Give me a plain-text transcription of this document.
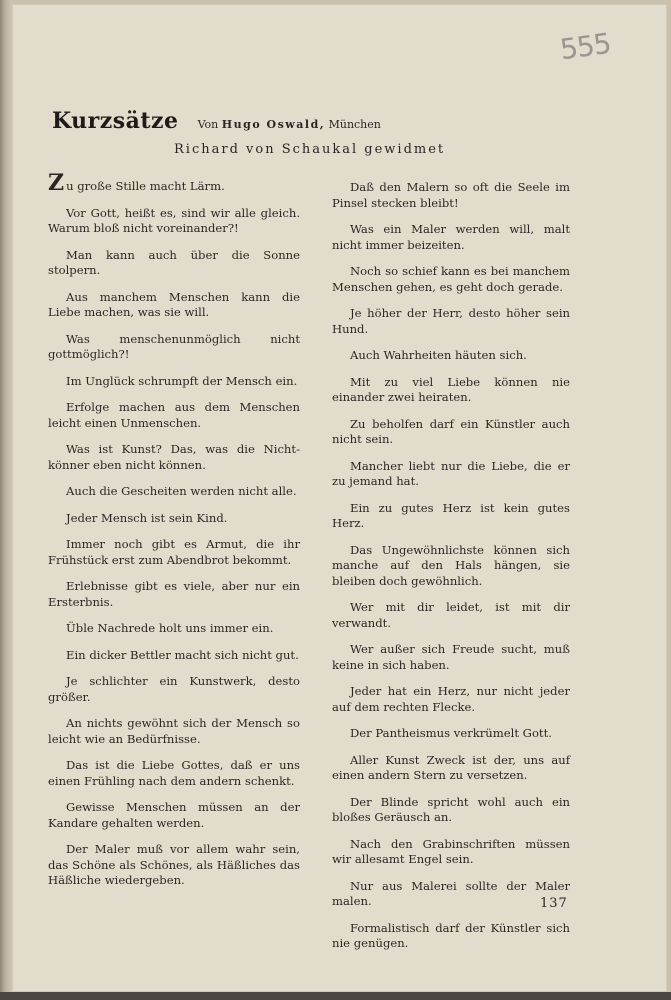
555
Kurzsätze Von Hugo Oswald, München
Richard von Schaukal gewidmet

Zu große Stille macht Lärm.

Vor Gott, heißt es, sind wir alle gleich. Warum bloß nicht voreinander?!

Man kann auch über die Sonne stolpern.

Aus manchem Menschen kann die Liebe machen, was sie will.

Was menschenunmöglich nicht gottmöglich?!

Im Unglück schrumpft der Mensch ein.

Erfolge machen aus dem Menschen leicht einen Unmenschen.

Was ist Kunst? Das, was die Nichtkönner eben nicht können.

Auch die Gescheiten werden nicht alle.

Jeder Mensch ist sein Kind.

Immer noch gibt es Armut, die ihr Frühstück erst zum Abendbrot bekommt.

Erlebnisse gibt es viele, aber nur ein Ersterbnis.

Üble Nachrede holt uns immer ein.

Ein dicker Bettler macht sich nicht gut.

Je schlichter ein Kunstwerk, desto größer.

An nichts gewöhnt sich der Mensch so leicht wie an Bedürfnisse.

Das ist die Liebe Gottes, daß er uns einen Frühling nach dem andern schenkt.

Gewisse Menschen müssen an der Kandare gehalten werden.

Der Maler muß vor allem wahr sein, das Schöne als Schönes, als Häßliches das Häßliche wiedergeben.

Daß den Malern so oft die Seele im Pinsel stecken bleibt!

Was ein Maler werden will, malt nicht immer beizeiten.

Noch so schief kann es bei manchem Menschen gehen, es geht doch gerade.

Je höher der Herr, desto höher sein Hund.

Auch Wahrheiten häuten sich.

Mit zu viel Liebe können nie einander zwei heiraten.

Zu beholfen darf ein Künstler auch nicht sein.

Mancher liebt nur die Liebe, die er zu jemand hat.

Ein zu gutes Herz ist kein gutes Herz.

Das Ungewöhnlichste können sich manche auf den Hals hängen, sie bleiben doch gewöhnlich.

Wer mit dir leidet, ist mit dir verwandt.

Wer außer sich Freude sucht, muß keine in sich haben.

Jeder hat ein Herz, nur nicht jeder auf dem rechten Flecke.

Der Pantheismus verkrümelt Gott.

Aller Kunst Zweck ist der, uns auf einen andern Stern zu versetzen.

Der Blinde spricht wohl auch ein bloßes Geräusch an.

Nach den Grabinschriften müssen wir allesamt Engel sein.

Nur aus Malerei sollte der Maler malen.

Formalistisch darf der Künstler sich nie genügen.

137
